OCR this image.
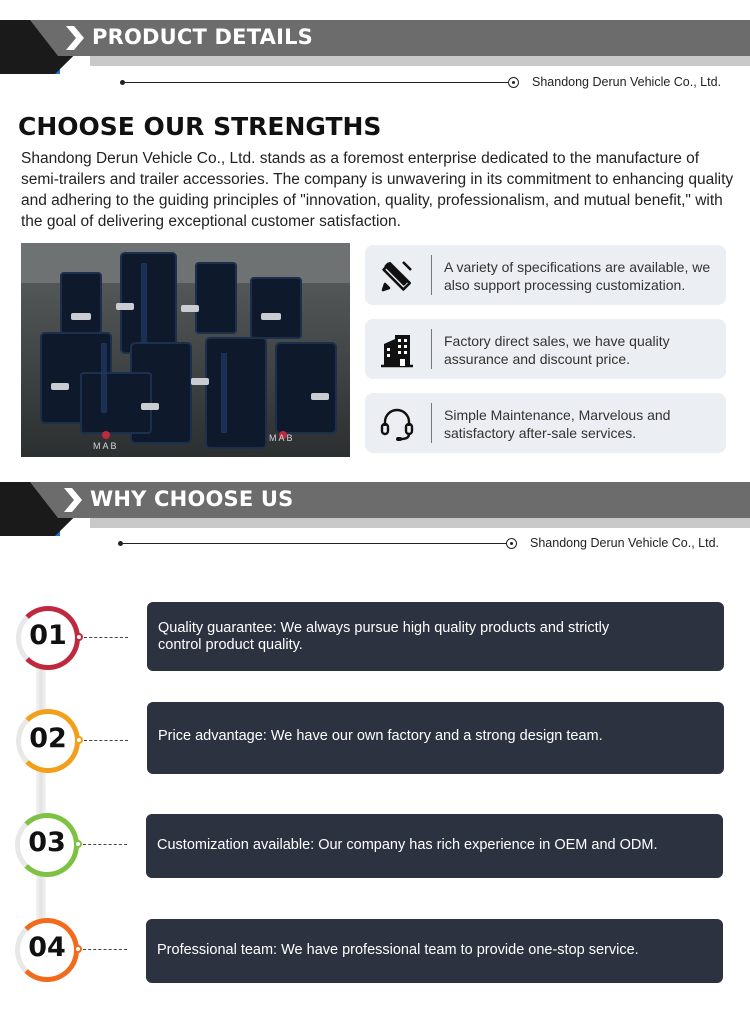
PRODUCT DETAILS
Shandong Derun Vehicle Co., Ltd.
CHOOSE OUR STRENGTHS
Shandong Derun Vehicle Co., Ltd. stands as a foremost enterprise dedicated to the manufacture of semi-trailers and trailer accessories. The company is unwavering in its commitment to enhancing quality and adhering to the guiding principles of "innovation, quality, professionalism, and mutual benefit," with the goal of delivering exceptional customer satisfaction.
MAB
MAB
A variety of specifications are available, we also support processing customization.
Factory direct sales, we have quality assurance and discount price.
Simple Maintenance, Marvelous and satisfactory after-sale services.
WHY CHOOSE US
Shandong Derun Vehicle Co., Ltd.
01	Quality guarantee: We always pursue high quality products and strictly control product quality.
02	Price advantage: We have our own factory and a strong design team.
03	Customization available: Our company has rich experience in OEM and ODM.
04	Professional team: We have professional team to provide one-stop service.
